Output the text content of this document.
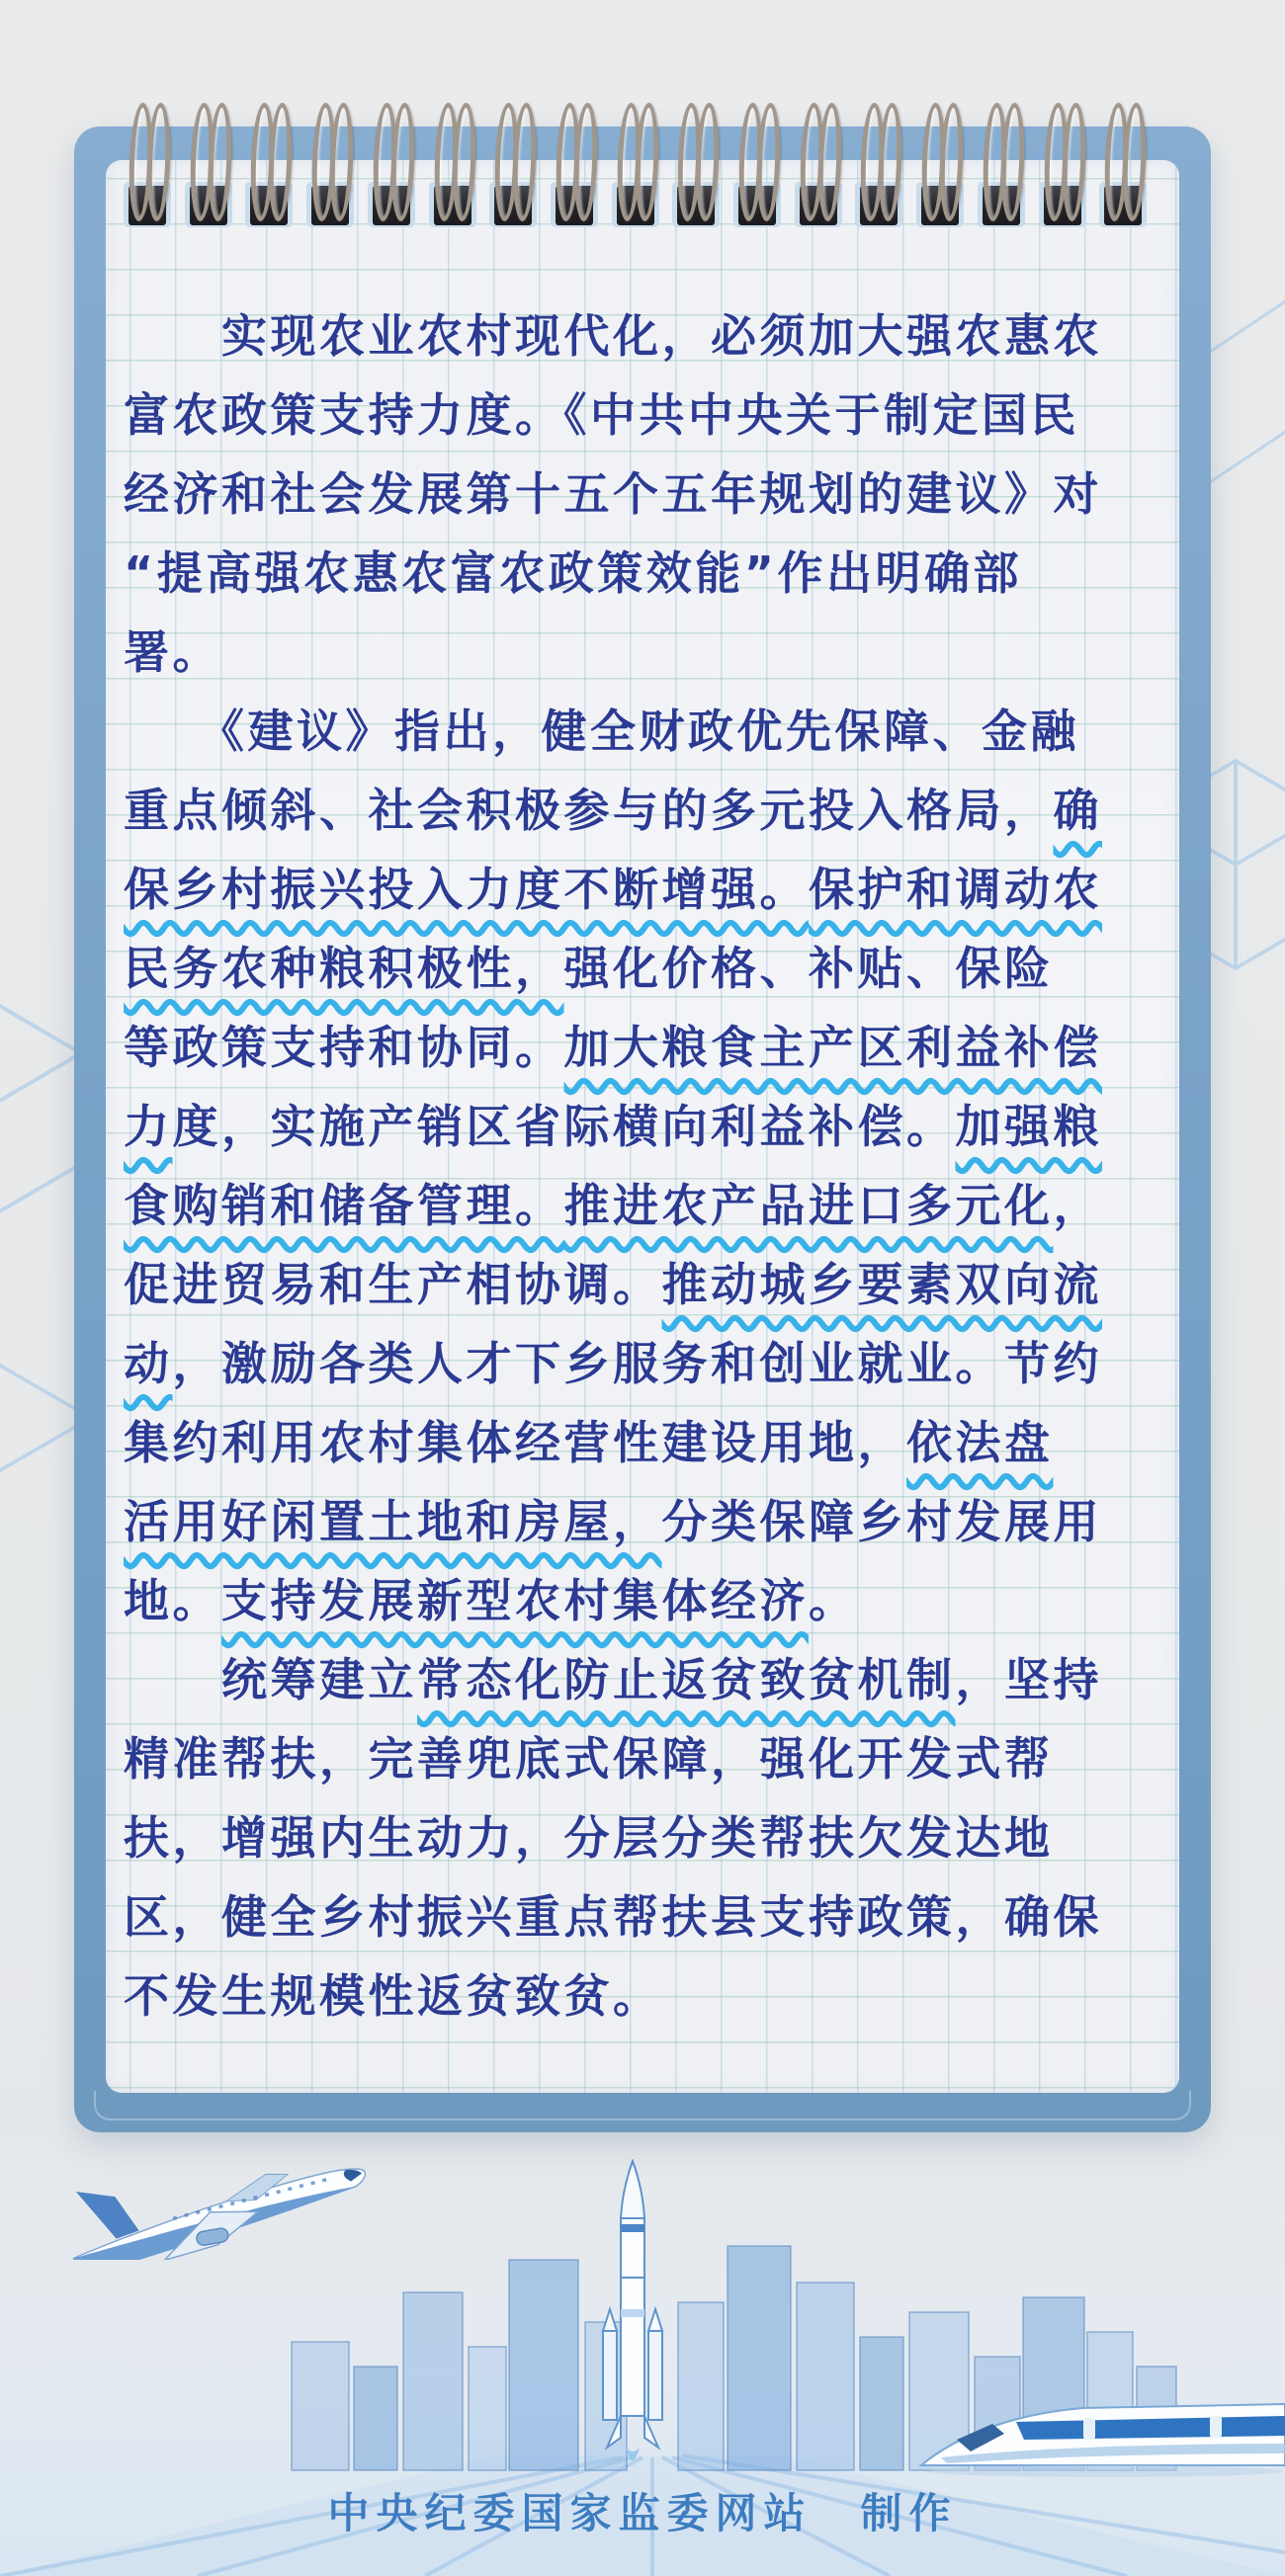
　　实现农业农村现代化，必须加大强农惠农
富农政策支持力度。《中共中央关于制定国民
经济和社会发展第十五个五年规划的建议》对
“提高强农惠农富农政策效能”作出明确部
署。
　　《建议》指出，健全财政优先保障、金融
重点倾斜、社会积极参与的多元投入格局，确
保乡村振兴投入力度不断增强。保护和调动农
民务农种粮积极性，强化价格、补贴、保险
等政策支持和协同。加大粮食主产区利益补偿
力度，实施产销区省际横向利益补偿。加强粮
食购销和储备管理。推进农产品进口多元化，
促进贸易和生产相协调。推动城乡要素双向流
动，激励各类人才下乡服务和创业就业。节约
集约利用农村集体经营性建设用地，依法盘
活用好闲置土地和房屋，分类保障乡村发展用
地。支持发展新型农村集体经济。
　　统筹建立常态化防止返贫致贫机制，坚持
精准帮扶，完善兜底式保障，强化开发式帮
扶，增强内生动力，分层分类帮扶欠发达地
区，健全乡村振兴重点帮扶县支持政策，确保
不发生规模性返贫致贫。
中央纪委国家监委网站　制作
